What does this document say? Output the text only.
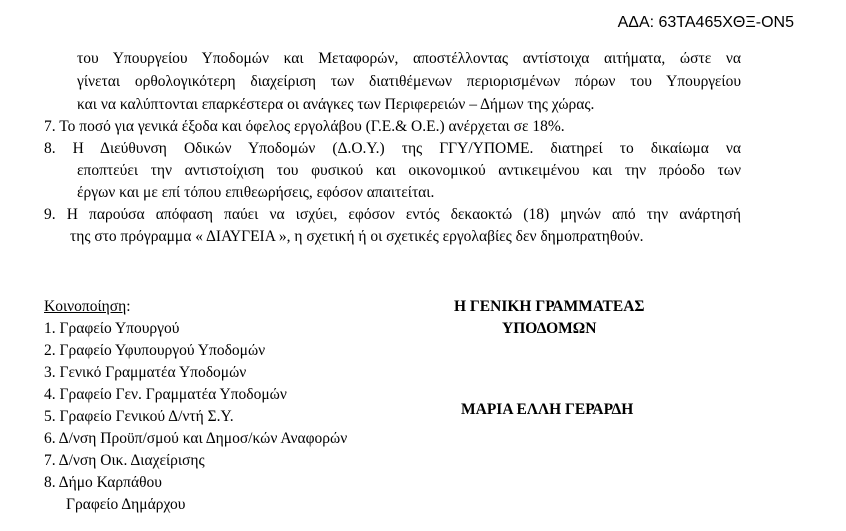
ΑΔΑ: 63ΤΑ465ΧΘΞ-ΟΝ5
του Υπουργείου Υποδομών και Μεταφορών, αποστέλλοντας αντίστοιχα αιτήματα, ώστε να
γίνεται ορθολογικότερη διαχείριση των διατιθέμενων περιορισμένων πόρων του Υπουργείου
και να καλύπτονται επαρκέστερα οι ανάγκες των Περιφερειών – Δήμων της χώρας.
7. Το ποσό για γενικά έξοδα και όφελος εργολάβου (Γ.Ε.& Ο.Ε.) ανέρχεται σε 18%.
8. Η Διεύθυνση Οδικών Υποδομών (Δ.Ο.Υ.) της ΓΓΥ/ΥΠΟΜΕ. διατηρεί το δικαίωμα να
εποπτεύει την αντιστοίχιση του φυσικού και οικονομικού αντικειμένου και την πρόοδο των
έργων και με επί τόπου επιθεωρήσεις, εφόσον απαιτείται.
9. Η παρούσα απόφαση παύει να ισχύει, εφόσον εντός δεκαοκτώ (18) μηνών από την ανάρτησή
της στο πρόγραμμα « ΔΙΑΥΓΕΙΑ », η σχετική ή οι σχετικές εργολαβίες δεν δημοπρατηθούν.
Κοινοποίηση:
1. Γραφείο Υπουργού
2. Γραφείο Υφυπουργού Υποδομών
3. Γενικό Γραμματέα Υποδομών
4. Γραφείο Γεν. Γραμματέα Υποδομών
5. Γραφείο Γενικού Δ/ντή Σ.Υ.
6. Δ/νση Προϋπ/σμού και Δημοσ/κών Αναφορών
7. Δ/νση Οικ. Διαχείρισης
8. Δήμο Καρπάθου
Γραφείο Δημάρχου
Η ΓΕΝΙΚΗ ΓΡΑΜΜΑΤΕΑΣ
ΥΠΟΔΟΜΩΝ
ΜΑΡΙΑ ΕΛΛΗ ΓΕΡΑΡΔΗ
